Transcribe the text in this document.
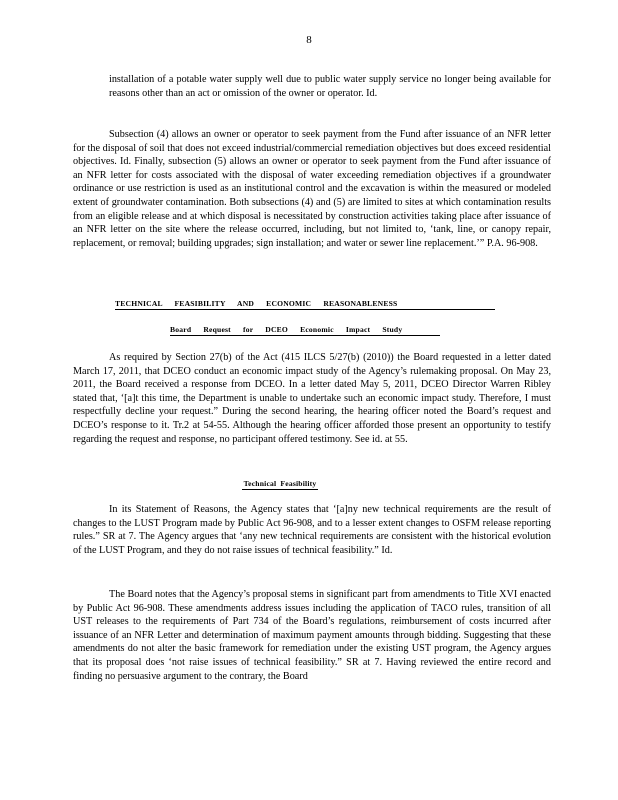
8

installation of a potable water supply well due to public water supply service no longer being available for reasons other than an act or omission of the owner or operator. Id.

Subsection (4) allows an owner or operator to seek payment from the Fund after issuance of an NFR letter for the disposal of soil that does not exceed industrial/commercial remediation objectives but does exceed residential objectives. Id. Finally, subsection (5) allows an owner or operator to seek payment from the Fund after issuance of an NFR letter for costs associated with the disposal of water exceeding remediation objectives if a groundwater ordinance or use restriction is used as an institutional control and the excavation is within the measured or modeled extent of groundwater contamination. Both subsections (4) and (5) are limited to sites at which contamination results from an eligible release and at which disposal is necessitated by construction activities taking place after issuance of an NFR letter on the site where the release occurred, including, but not limited to, ‘tank, line, or canopy repair, replacement, or removal; building upgrades; sign installation; and water or sewer line replacement.’” P.A. 96-908.

TECHNICAL FEASIBILITY AND ECONOMIC REASONABLENESS
Board Request for DCEO Economic Impact Study

As required by Section 27(b) of the Act (415 ILCS 5/27(b) (2010)) the Board requested in a letter dated March 17, 2011, that DCEO conduct an economic impact study of the Agency’s rulemaking proposal. On May 23, 2011, the Board received a response from DCEO. In a letter dated May 5, 2011, DCEO Director Warren Ribley stated that, ‘[a]t this time, the Department is unable to undertake such an economic impact study. Therefore, I must respectfully decline your request.” During the second hearing, the hearing officer noted the Board’s request and DCEO’s response to it. Tr.2 at 54-55. Although the hearing officer afforded those present an opportunity to testify regarding the request and response, no participant offered testimony. See id. at 55.

Technical Feasibility

In its Statement of Reasons, the Agency states that ‘[a]ny new technical requirements are the result of changes to the LUST Program made by Public Act 96-908, and to a lesser extent changes to OSFM release reporting rules.” SR at 7. The Agency argues that ‘any new technical requirements are consistent with the historical evolution of the LUST Program, and they do not raise issues of technical feasibility.” Id.

The Board notes that the Agency’s proposal stems in significant part from amendments to Title XVI enacted by Public Act 96-908. These amendments address issues including the application of TACO rules, transition of all UST releases to the requirements of Part 734 of the Board’s regulations, reimbursement of costs incurred after issuance of an NFR Letter and determination of maximum payment amounts through bidding. Suggesting that these amendments do not alter the basic framework for remediation under the existing UST program, the Agency argues that its proposal does ‘not raise issues of technical feasibility.” SR at 7. Having reviewed the entire record and finding no persuasive argument to the contrary, the Board
